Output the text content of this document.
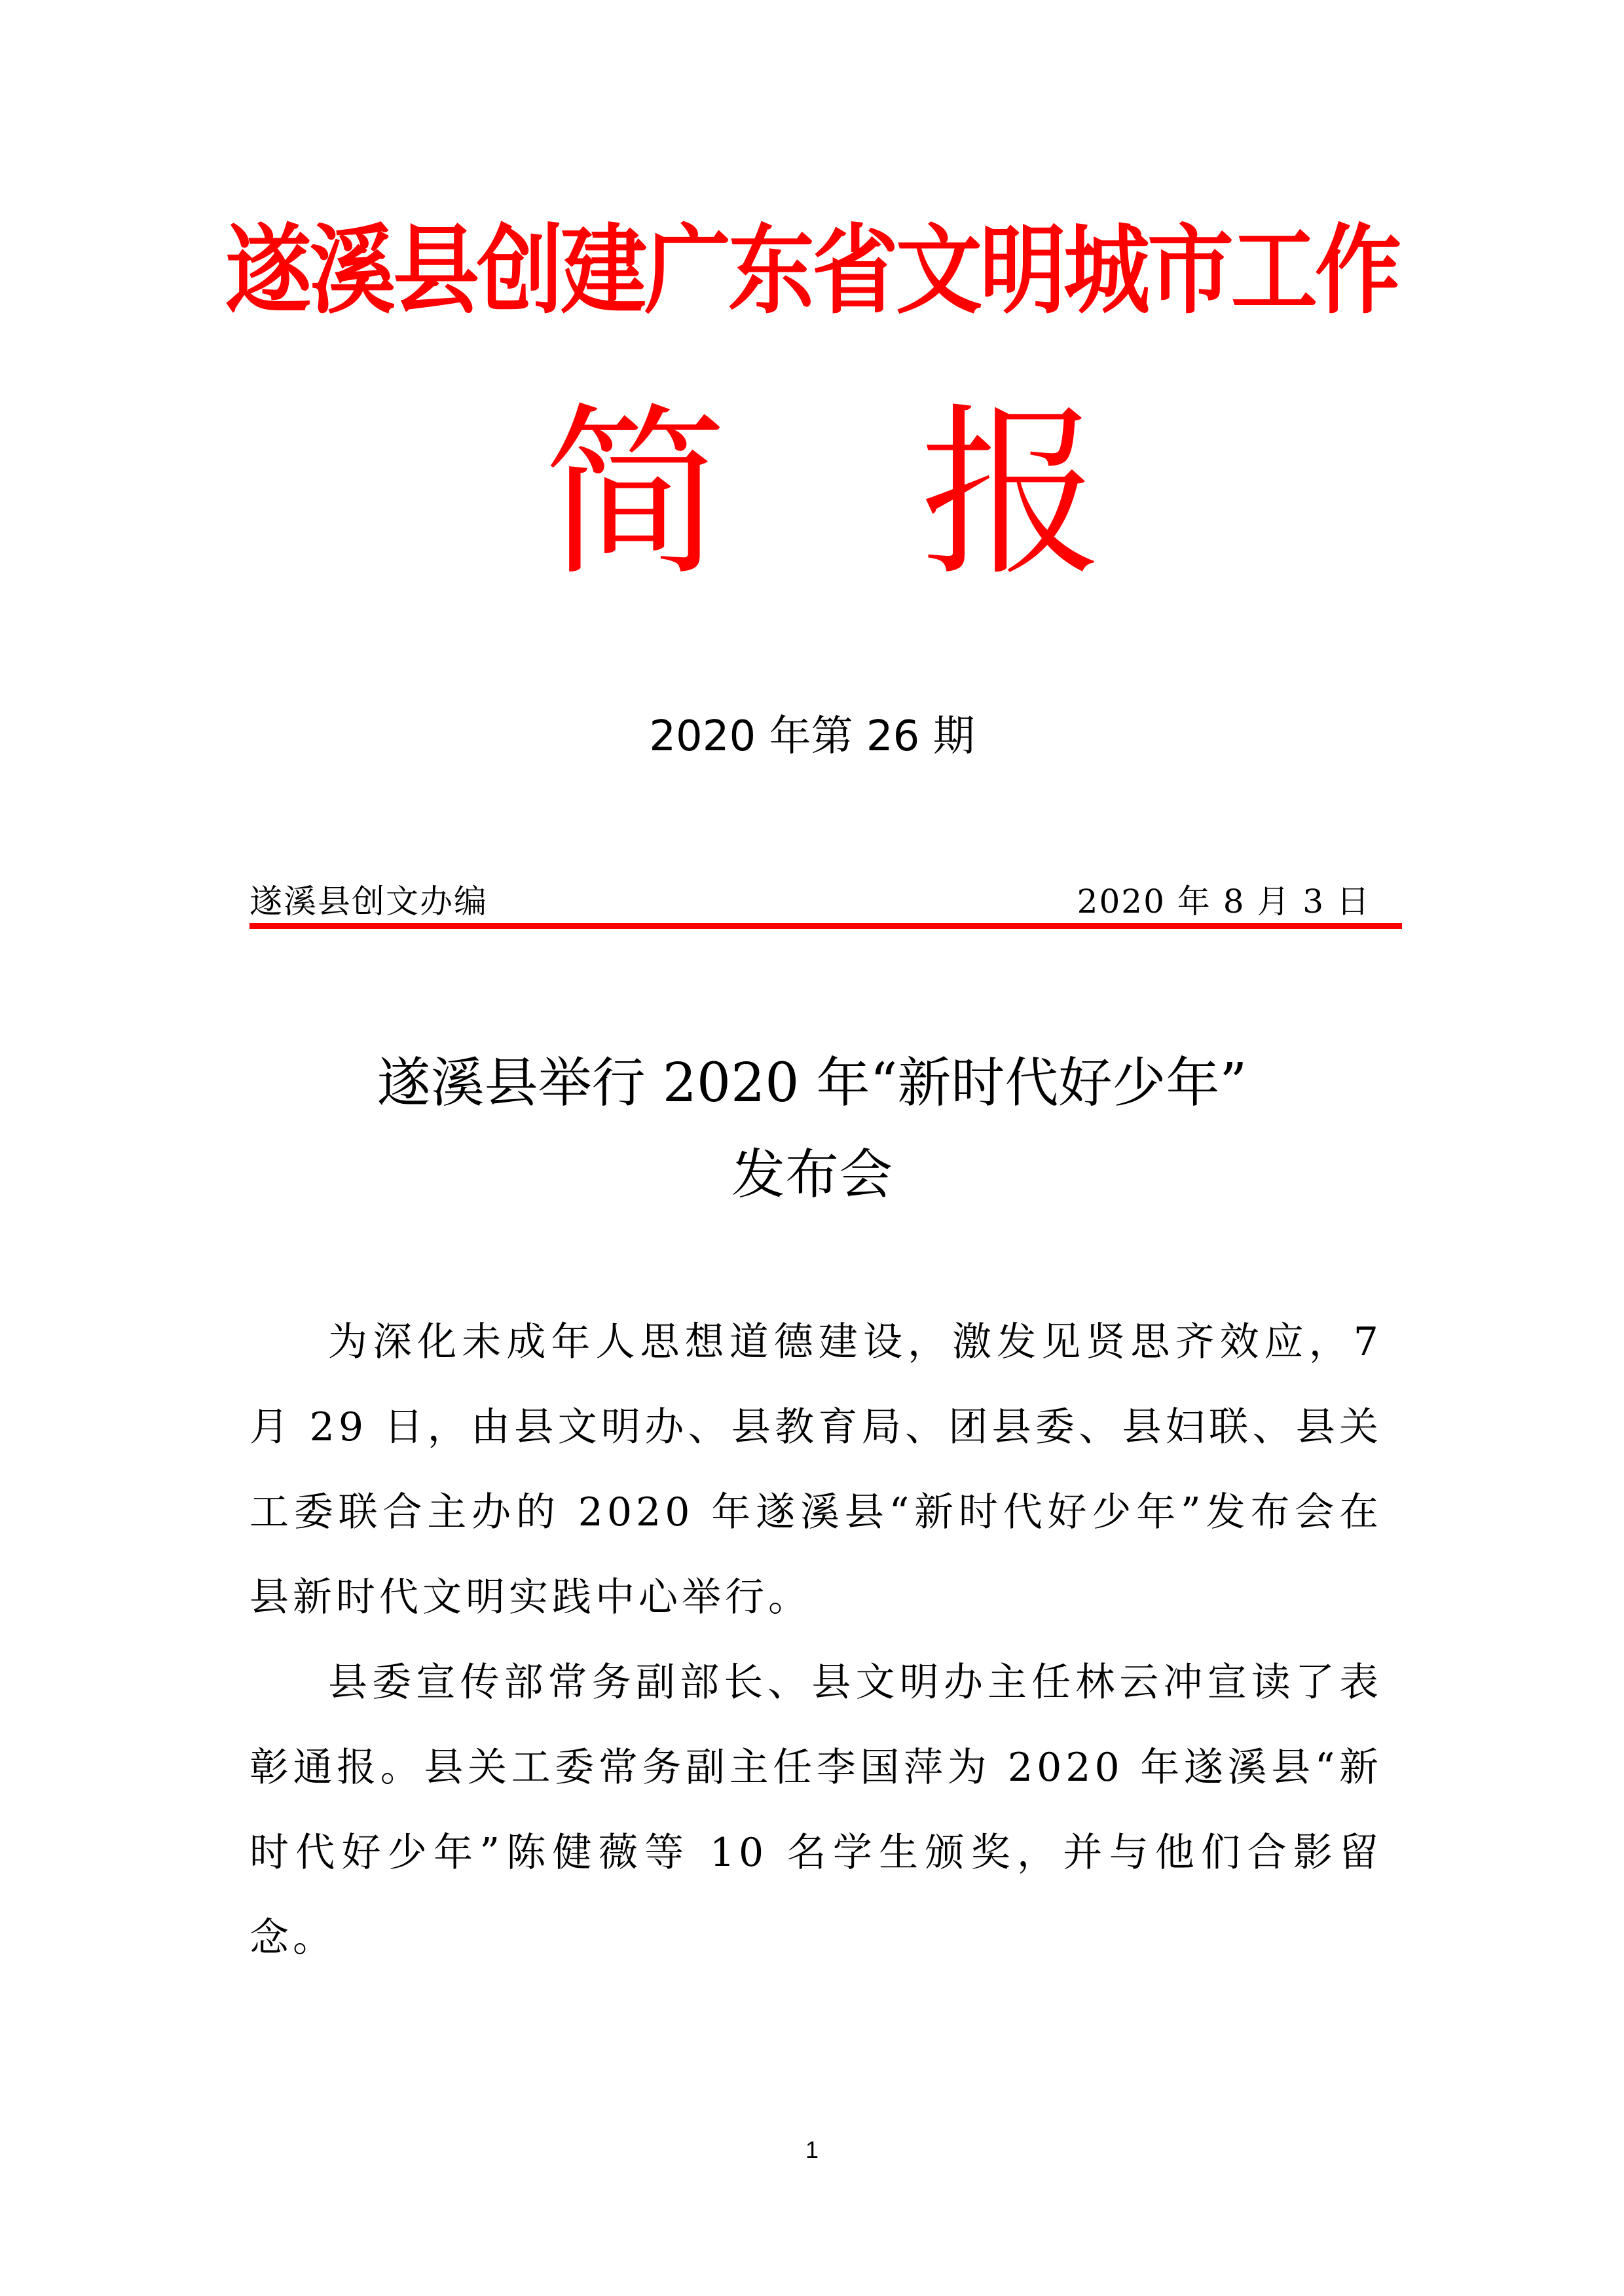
遂溪县创建广东省文明城市工作
简 报
2020 年第 26 期
遂溪县创文办编	2020 年 8 月 3 日
遂溪县举行 2020 年“新时代好少年”
发布会

为深化未成年人思想道德建设，激发见贤思齐效应，7 月 29 日，由县文明办、县教育局、团县委、县妇联、县关工委联合主办的 2020 年遂溪县“新时代好少年”发布会在县新时代文明实践中心举行。

县委宣传部常务副部长、县文明办主任林云冲宣读了表彰通报。县关工委常务副主任李国萍为 2020 年遂溪县“新时代好少年”陈健薇等 10 名学生颁奖，并与他们合影留念。

1
